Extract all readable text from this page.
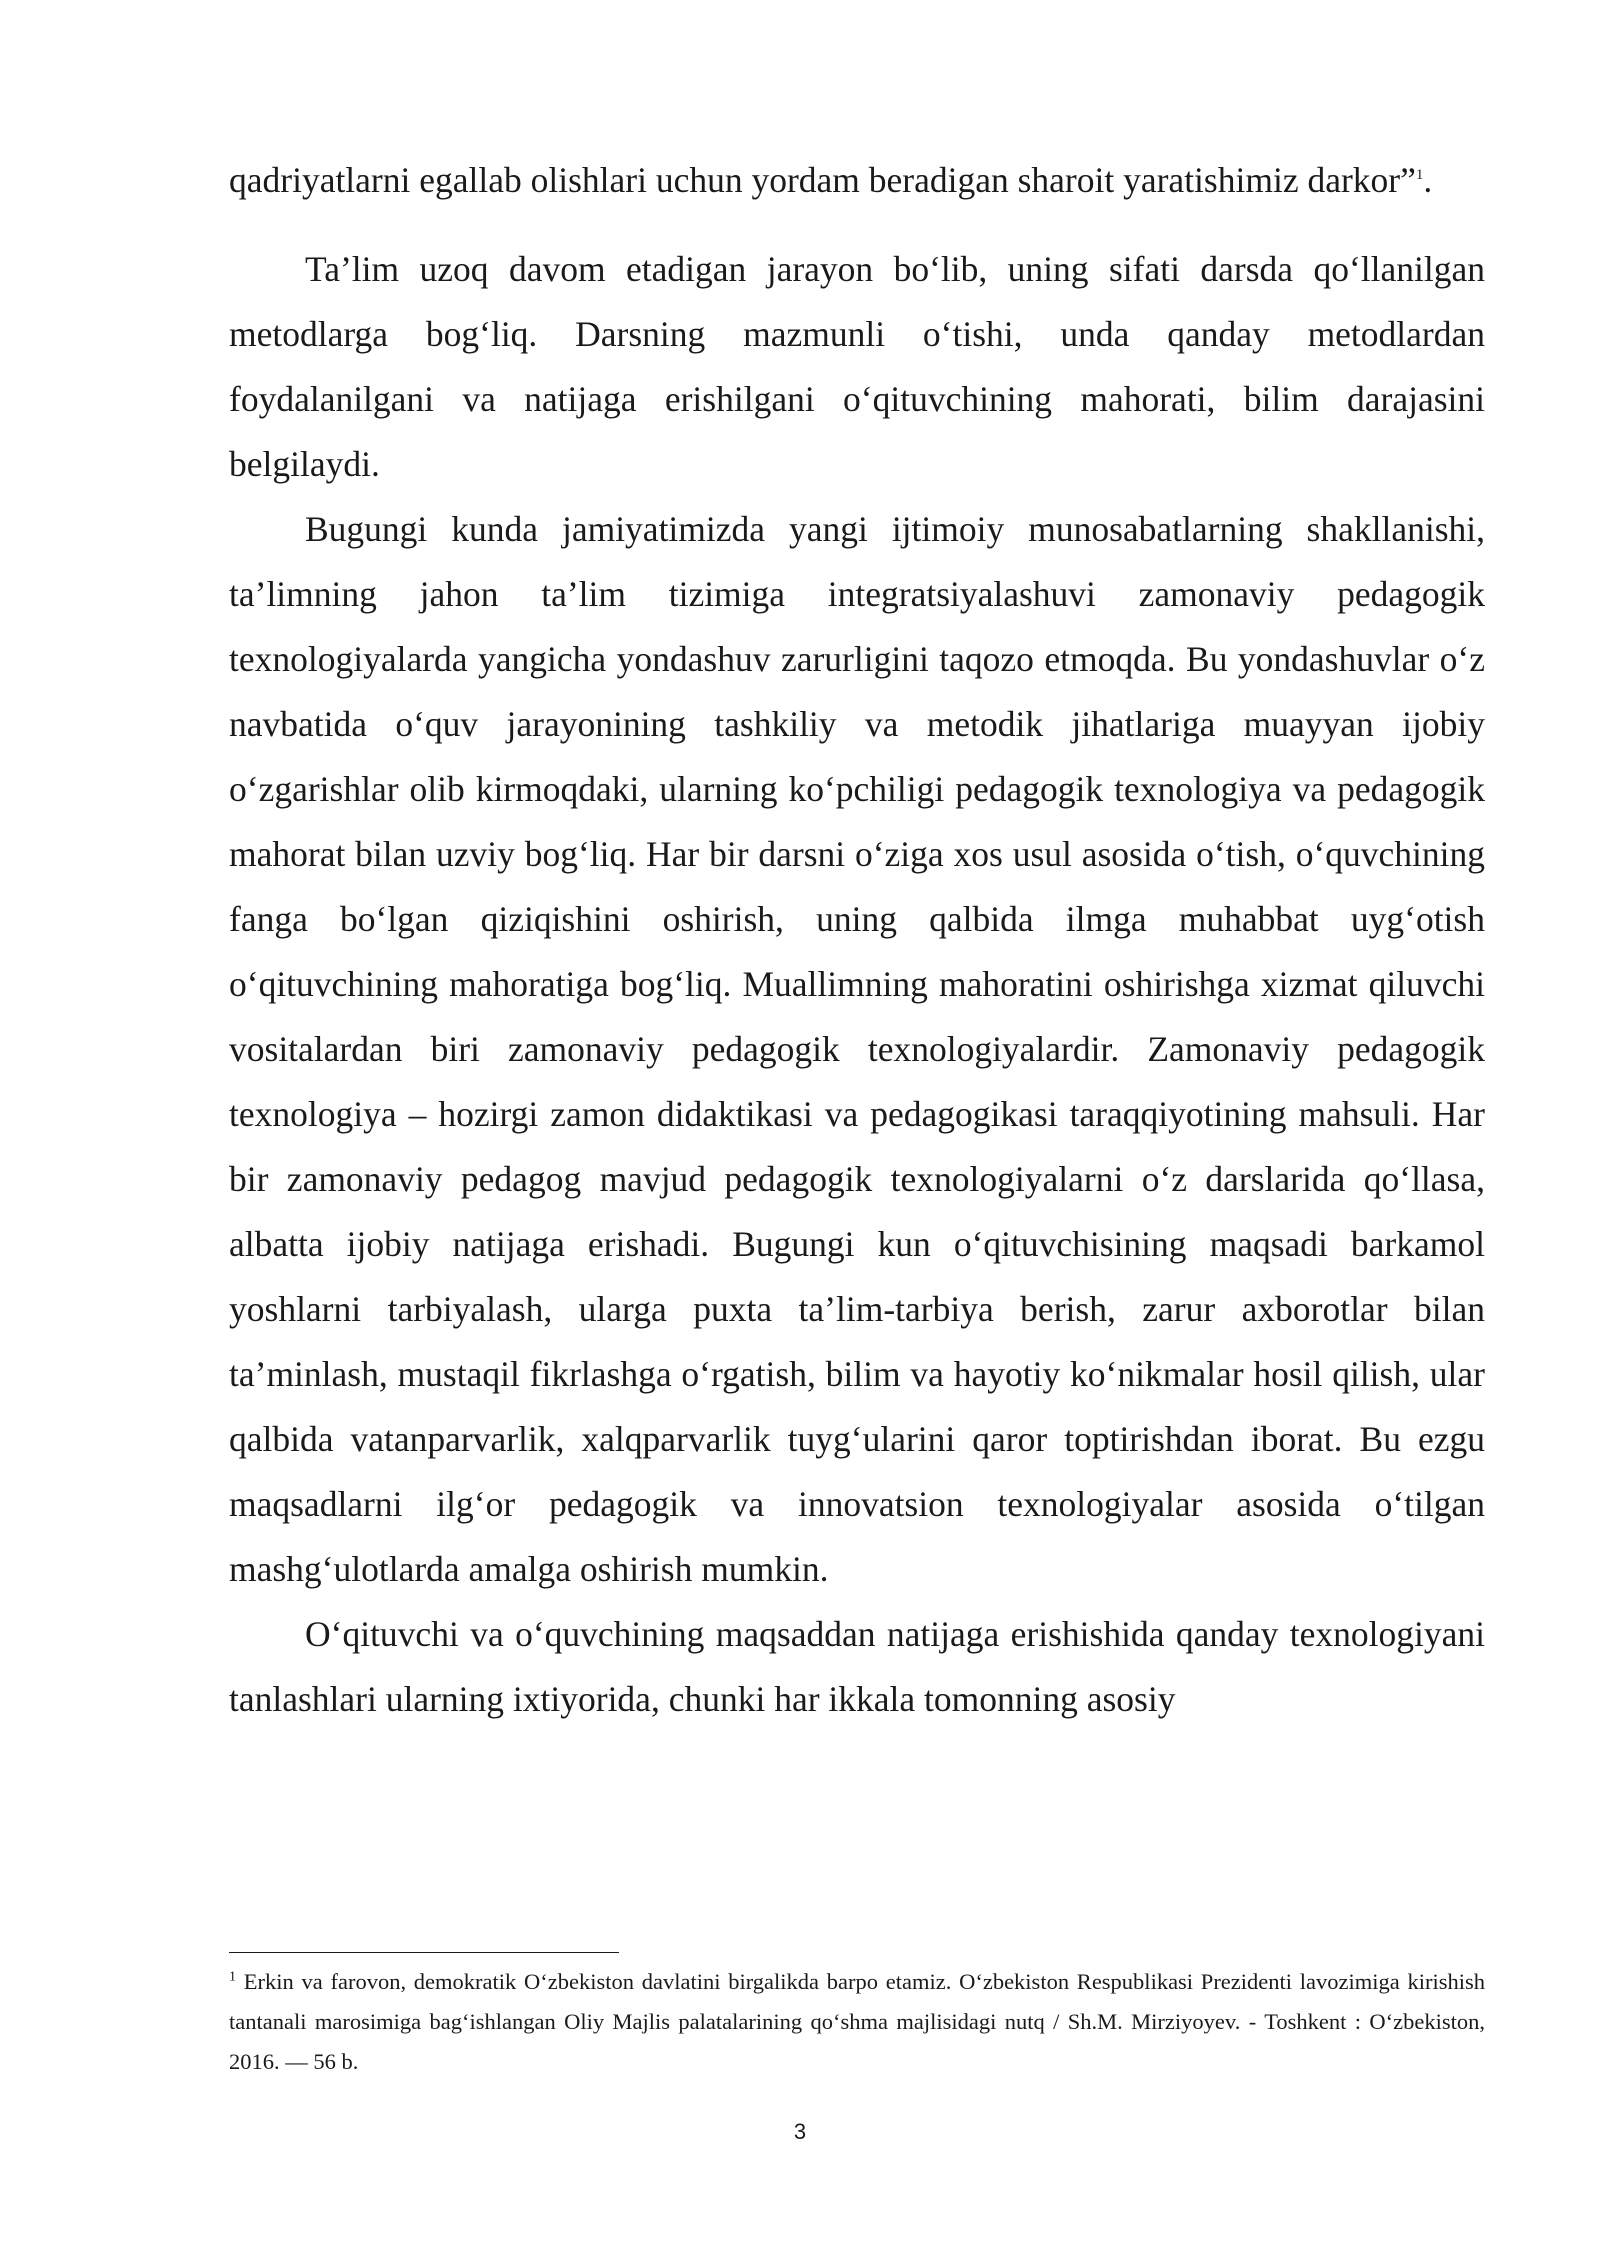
qadriyatlarni egallab olishlari uchun yordam beradigan sharoit yaratishimiz darkor”$^1$.

Ta’lim uzoq davom etadigan jarayon bo‘lib, uning sifati darsda qo‘llanilgan metodlarga bog‘liq. Darsning mazmunli o‘tishi, unda qanday metodlardan foydalanilgani va natijaga erishilgani o‘qituvchining mahorati, bilim darajasini belgilaydi.

Bugungi kunda jamiyatimizda yangi ijtimoiy munosabatlarning shakllanishi, ta’limning jahon ta’lim tizimiga integratsiyalashuvi zamonaviy pedagogik texnologiyalarda yangicha yondashuv zarurligini taqozo etmoqda. Bu yondashuvlar o‘z navbatida o‘quv jarayonining tashkiliy va metodik jihatlariga muayyan ijobiy o‘zgarishlar olib kirmoqdaki, ularning ko‘pchiligi pedagogik texnologiya va pedagogik mahorat bilan uzviy bog‘liq. Har bir darsni o‘ziga xos usul asosida o‘tish, o‘quvchining fanga bo‘lgan qiziqishini oshirish, uning qalbida ilmga muhabbat uyg‘otish o‘qituvchining mahoratiga bog‘liq. Muallimning mahoratini oshirishga xizmat qiluvchi vositalardan biri zamonaviy pedagogik texnologiyalardir. Zamonaviy pedagogik texnologiya – hozirgi zamon didaktikasi va pedagogikasi taraqqiyotining mahsuli. Har bir zamonaviy pedagog mavjud pedagogik texnologiyalarni o‘z darslarida qo‘llasa, albatta ijobiy natijaga erishadi. Bugungi kun o‘qituvchisining maqsadi barkamol yoshlarni tarbiyalash, ularga puxta ta’lim-tarbiya berish, zarur axborotlar bilan ta’minlash, mustaqil fikrlashga o‘rgatish, bilim va hayotiy ko‘nikmalar hosil qilish, ular qalbida vatanparvarlik, xalqparvarlik tuyg‘ularini qaror toptirishdan iborat. Bu ezgu maqsadlarni ilg‘or pedagogik va innovatsion texnologiyalar asosida o‘tilgan mashg‘ulotlarda amalga oshirish mumkin.

O‘qituvchi va o‘quvchining maqsaddan natijaga erishishida qanday texnologiyani tanlashlari ularning ixtiyorida, chunki har ikkala tomonning asosiy

$^1$ Erkin va farovon, demokratik O‘zbekiston davlatini birgalikda barpo etamiz. O‘zbekiston Respublikasi Prezidenti lavozimiga kirishish tantanali marosimiga bag‘ishlangan Oliy Majlis palatalarining qo‘shma majlisidagi nutq / Sh.M. Mirziyoyev. - Toshkent : O‘zbekiston, 2016. — 56 b.

3
